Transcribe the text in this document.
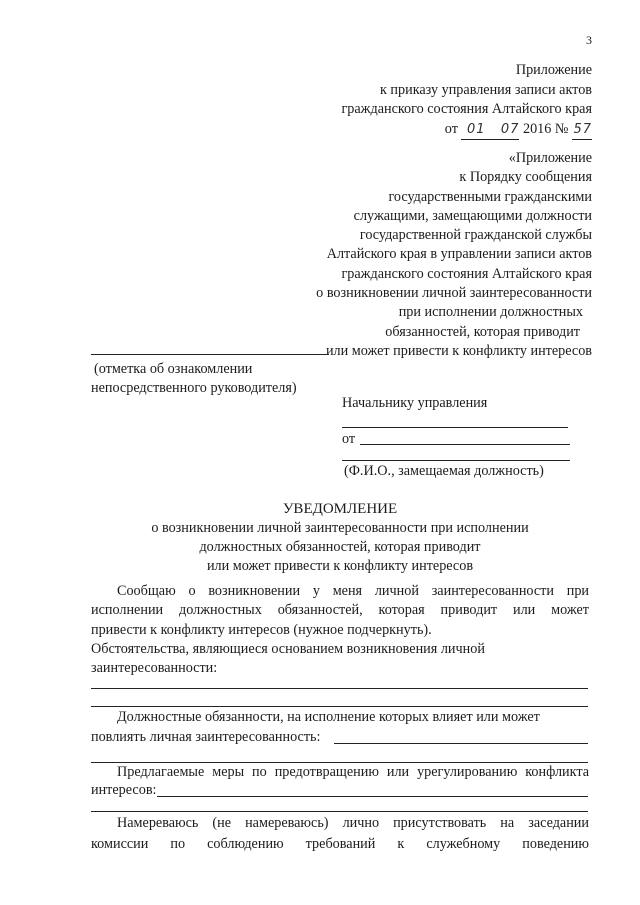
3
Приложение
к приказу управления записи актов
гражданского состояния Алтайского края
от 01 07 2016 № 57
«Приложение
к Порядку сообщения
государственными гражданскими
служащими, замещающими должности
государственной гражданской службы
Алтайского края в управлении записи актов
гражданского состояния Алтайского края
о возникновении личной заинтересованности
при исполнении должностных
обязанностей, которая приводит
или может привести к конфликту интересов
(отметка об ознакомлении
непосредственного руководителя)
Начальнику управления
от
(Ф.И.О., замещаемая должность)
УВЕДОМЛЕНИЕ
о возникновении личной заинтересованности при исполнении
должностных обязанностей, которая приводит
или может привести к конфликту интересов
Сообщаю о возникновении у меня личной заинтересованности при
исполнении должностных обязанностей, которая приводит или может
привести к конфликту интересов (нужное подчеркнуть).
Обстоятельства, являющиеся основанием возникновения личной
заинтересованности:
Должностные обязанности, на исполнение которых влияет или может
повлиять личная заинтересованность:
Предлагаемые меры по предотвращению или урегулированию конфликта
интересов:
Намереваюсь (не намереваюсь) лично присутствовать на заседании
комиссии по соблюдению требований к служебному поведению
